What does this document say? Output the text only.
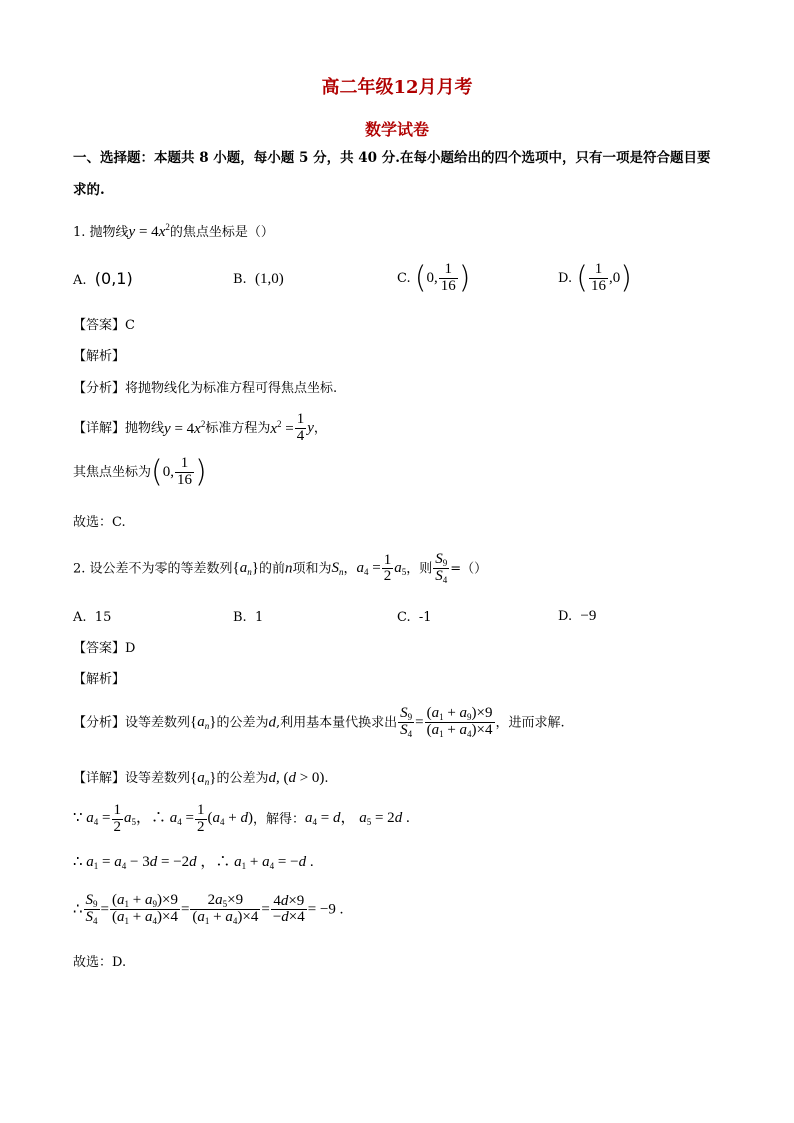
高二年级12月月考
数学试卷
一、选择题：本题共 8 小题，每小题 5 分，共 40 分.在每小题给出的四个选项中，只有一项是符合题目要
求的.
1. 抛物线$y = 4x^2$的焦点坐标是（）
A. (0,1)	B. (1,0)	C. (0, $\frac{1}{16}$ )	D. ( $\frac{1}{16} ,0$)
【答案】C
【解析】
【分析】将抛物线化为标准方程可得焦点坐标.
【详解】抛物线$y = 4x^2$标准方程为$x^2 = \frac{1}{4}$ y，
其焦点坐标为(0, $\frac{1}{16}$ )
故选：C.
2. 设公差不为零的等差数列$\{a_n\}$的前n项和为$S_n$，$a_4 = \frac{1}{2} a_5$，则 $\frac{S_9}{S_4}$ =（）
A. 15	B. 1	C. -1	D. −9
【答案】D
【解析】
【分析】设等差数列$\{a_n\}$的公差为d,利用基本量代换求出 $\frac{S_9}{S_4} = \frac{(a_1 + a_9)\times 9}{(a_1 + a_4)\times 4}$ ，进而求解.
【详解】设等差数列$\{a_n\}$的公差为d, (d > 0).
∵ $a_4 = \frac{1}{2} a_5$，∴ $a_4 = \frac{1}{2} (a_4 + d)$，解得：$a_4 = d$， $a_5 = 2d$ .
∴ $a_1 = a_4 - 3d = -2d$ ，∴ $a_1 + a_4 = -d$ .
∴ $\frac{S_9}{S_4} = \frac{(a_1 + a_9)\times 9}{(a_1 + a_4)\times 4} = \frac{2a_5\times 9}{(a_1 + a_4)\times 4} = \frac{4d\times 9}{-d\times 4} = -9$ .
故选：D.
